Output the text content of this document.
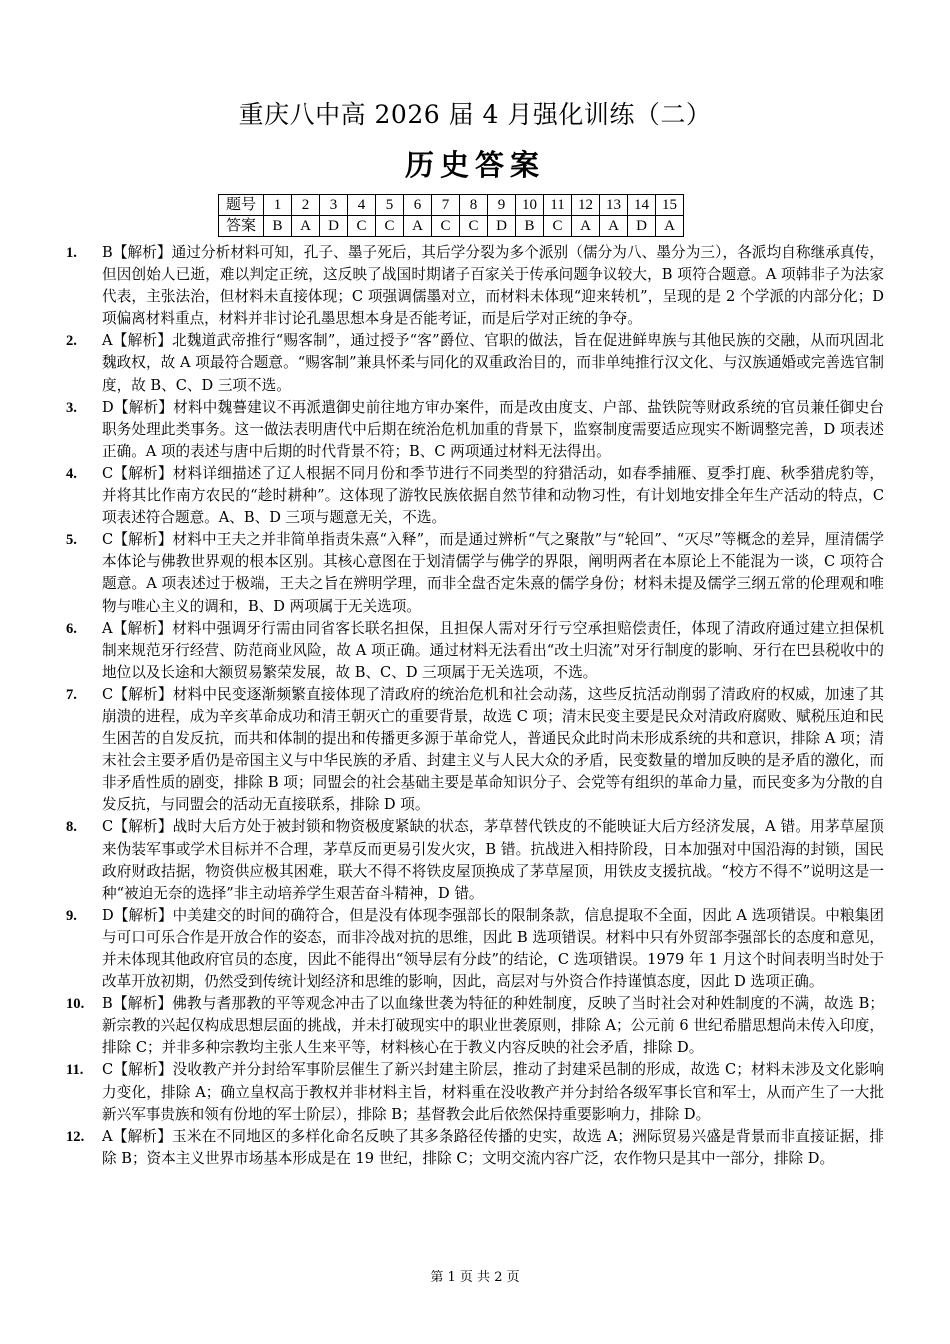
重庆八中高 2026 届 4 月强化训练（二）
历史答案
题号	1	2	3	4	5	6	7	8	9	10	11	12	13	14	15
答案	B	A	D	C	C	A	C	C	D	B	C	A	A	D	A
1. B【解析】通过分析材料可知，孔子、墨子死后，其后学分裂为多个派别（儒分为八、墨分为三），各派均自称继承真传，但因创始人已逝，难以判定正统，这反映了战国时期诸子百家关于传承问题争议较大，B 项符合题意。A 项韩非子为法家代表，主张法治，但材料未直接体现；C 项强调儒墨对立，而材料未体现“迎来转机”，呈现的是 2 个学派的内部分化；D 项偏离材料重点，材料并非讨论孔墨思想本身是否能考证，而是后学对正统的争夺。
2. A【解析】北魏道武帝推行“赐客制”，通过授予“客”爵位、官职的做法，旨在促进鲜卑族与其他民族的交融，从而巩固北魏政权，故 A 项最符合题意。“赐客制”兼具怀柔与同化的双重政治目的，而非单纯推行汉文化、与汉族通婚或完善选官制度，故 B、C、D 三项不选。
3. D【解析】材料中魏謩建议不再派遣御史前往地方审办案件，而是改由度支、户部、盐铁院等财政系统的官员兼任御史台职务处理此类事务。这一做法表明唐代中后期在统治危机加重的背景下，监察制度需要适应现实不断调整完善，D 项表述正确。A 项的表述与唐中后期的时代背景不符；B、C 两项通过材料无法得出。
4. C【解析】材料详细描述了辽人根据不同月份和季节进行不同类型的狩猎活动，如春季捕雁、夏季打鹿、秋季猎虎豹等，并将其比作南方农民的“趁时耕种”。这体现了游牧民族依据自然节律和动物习性，有计划地安排全年生产活动的特点，C 项表述符合题意。A、B、D 三项与题意无关，不选。
5. C【解析】材料中王夫之并非简单指责朱熹“入释”，而是通过辨析“气之聚散”与“轮回”、“灭尽”等概念的差异，厘清儒学本体论与佛教世界观的根本区别。其核心意图在于划清儒学与佛学的界限，阐明两者在本原论上不能混为一谈，C 项符合题意。A 项表述过于极端，王夫之旨在辨明学理，而非全盘否定朱熹的儒学身份；材料未提及儒学三纲五常的伦理观和唯物与唯心主义的调和，B、D 两项属于无关选项。
6. A【解析】材料中强调牙行需由同省客长联名担保，且担保人需对牙行亏空承担赔偿责任，体现了清政府通过建立担保机制来规范牙行经营、防范商业风险，故 A 项正确。通过材料无法看出“改土归流”对牙行制度的影响、牙行在巴县税收中的地位以及长途和大额贸易繁荣发展，故 B、C、D 三项属于无关选项，不选。
7. C【解析】材料中民变逐渐频繁直接体现了清政府的统治危机和社会动荡，这些反抗活动削弱了清政府的权威，加速了其崩溃的进程，成为辛亥革命成功和清王朝灭亡的重要背景，故选 C 项；清末民变主要是民众对清政府腐败、赋税压迫和民生困苦的自发反抗，而共和体制的提出和传播更多源于革命党人，普通民众此时尚未形成系统的共和意识，排除 A 项；清末社会主要矛盾仍是帝国主义与中华民族的矛盾、封建主义与人民大众的矛盾，民变数量的增加反映的是矛盾的激化，而非矛盾性质的剧变，排除 B 项；同盟会的社会基础主要是革命知识分子、会党等有组织的革命力量，而民变多为分散的自发反抗，与同盟会的活动无直接联系，排除 D 项。
8. C【解析】战时大后方处于被封锁和物资极度紧缺的状态，茅草替代铁皮的不能映证大后方经济发展，A 错。用茅草屋顶来伪装军事或学术目标并不合理，茅草反而更易引发火灾，B 错。抗战进入相持阶段，日本加强对中国沿海的封锁，国民政府财政拮据，物资供应极其困难，联大不得不将铁皮屋顶换成了茅草屋顶，用铁皮支援抗战。“校方不得不”说明这是一种“被迫无奈的选择”非主动培养学生艰苦奋斗精神，D 错。
9. D【解析】中美建交的时间的确符合，但是没有体现李强部长的限制条款，信息提取不全面，因此 A 选项错误。中粮集团与可口可乐合作是开放合作的姿态，而非冷战对抗的思维，因此 B 选项错误。材料中只有外贸部李强部长的态度和意见，并未体现其他政府官员的态度，因此不能得出“领导层有分歧”的结论，C 选项错误。1979 年 1 月这个时间表明当时处于改革开放初期，仍然受到传统计划经济和思维的影响，因此，高层对与外资合作持谨慎态度，因此 D 选项正确。
10. B【解析】佛教与耆那教的平等观念冲击了以血缘世袭为特征的种姓制度，反映了当时社会对种姓制度的不满，故选 B；新宗教的兴起仅构成思想层面的挑战，并未打破现实中的职业世袭原则，排除 A；公元前 6 世纪希腊思想尚未传入印度，排除 C；并非多种宗教均主张人生来平等，材料核心在于教义内容反映的社会矛盾，排除 D。
11. C【解析】没收教产并分封给军事阶层催生了新兴封建主阶层，推动了封建采邑制的形成，故选 C；材料未涉及文化影响力变化，排除 A；确立皇权高于教权并非材料主旨，材料重在没收教产并分封给各级军事长官和军士，从而产生了一大批新兴军事贵族和领有份地的军士阶层），排除 B；基督教会此后依然保持重要影响力，排除 D。
12. A【解析】玉米在不同地区的多样化命名反映了其多条路径传播的史实，故选 A；洲际贸易兴盛是背景而非直接证据，排除 B；资本主义世界市场基本形成是在 19 世纪，排除 C；文明交流内容广泛，农作物只是其中一部分，排除 D。
第 1 页 共 2 页
